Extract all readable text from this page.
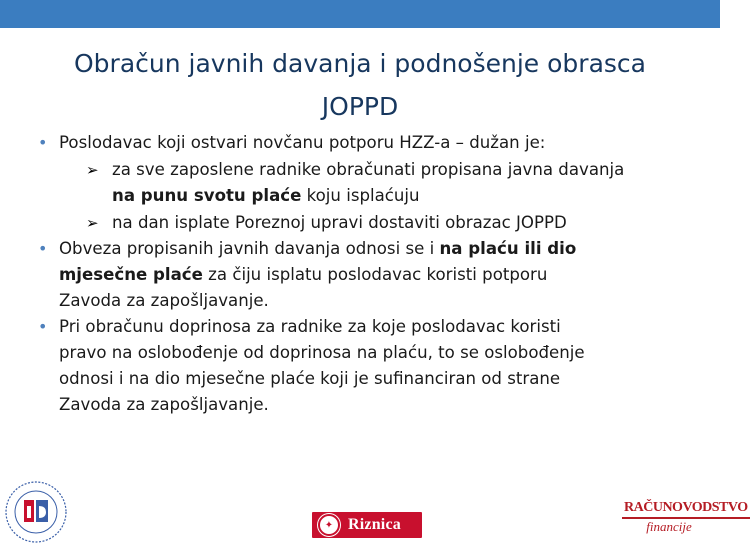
Obračun javnih davanja i podnošenje obrasca
JOPPD
• Poslodavac koji ostvari novčanu potporu HZZ-a – dužan je:
➢ za sve zaposlene radnike obračunati propisana javna davanja
na punu svotu plaće koju isplaćuju
➢ na dan isplate Poreznoj upravi dostaviti obrazac JOPPD
• Obveza propisanih javnih davanja odnosi se i na plaću ili dio
mjesečne plaće za čiju isplatu poslodavac koristi potporu
Zavoda za zapošljavanje.
• Pri obračunu doprinosa za radnike za koje poslodavac koristi
pravo na oslobođenje od doprinosa na plaću, to se oslobođenje
odnosi i na dio mjesečne plaće koji je sufinanciran od strane
Zavoda za zapošljavanje.
✦ Riznica
RAČUNOVODSTVO
financije
